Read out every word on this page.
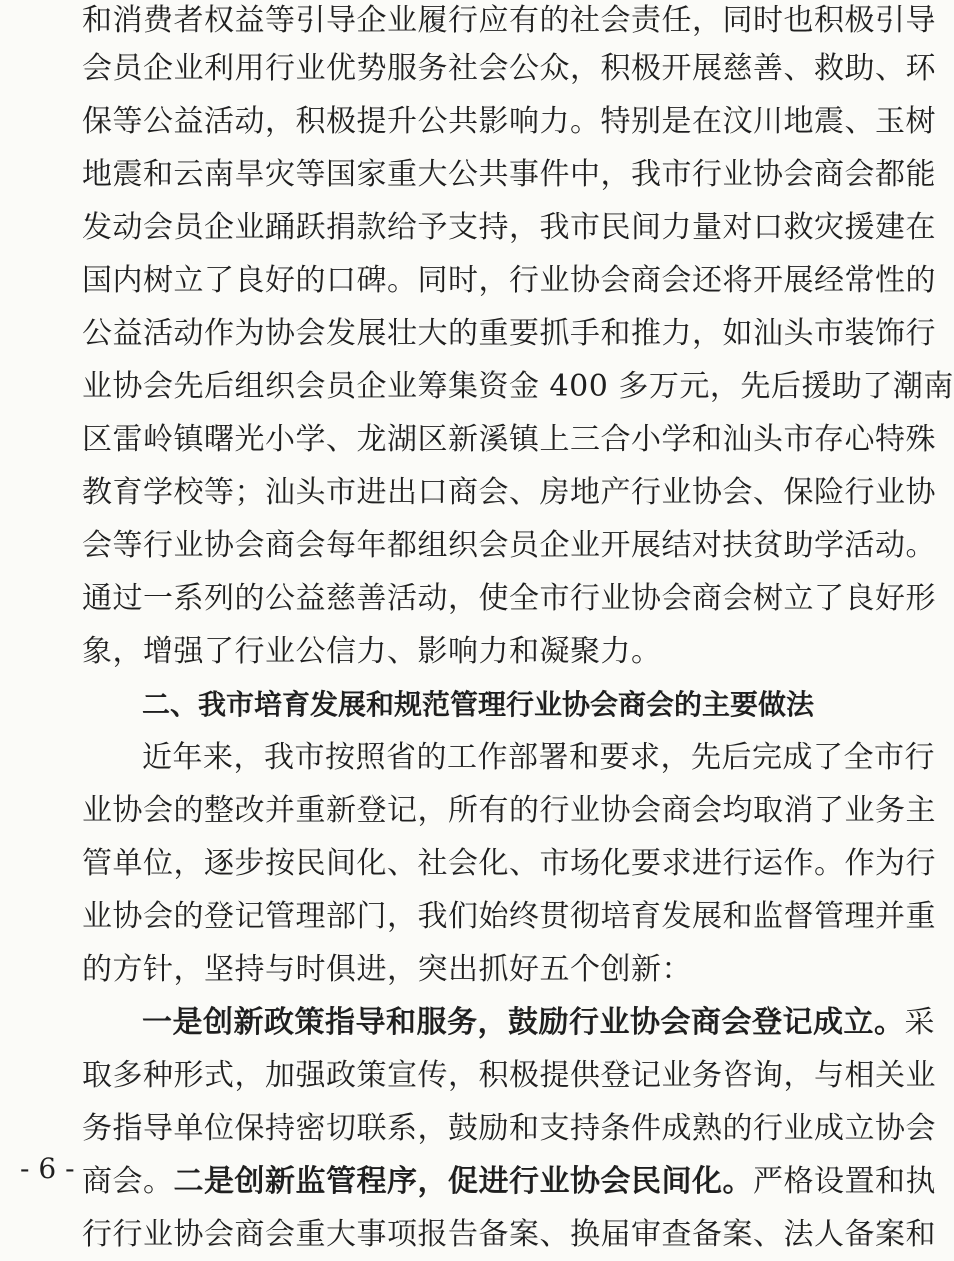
和消费者权益等引导企业履行应有的社会责任，同时也积极引导
会员企业利用行业优势服务社会公众，积极开展慈善、救助、环
保等公益活动，积极提升公共影响力。特别是在汶川地震、玉树
地震和云南旱灾等国家重大公共事件中，我市行业协会商会都能
发动会员企业踊跃捐款给予支持，我市民间力量对口救灾援建在
国内树立了良好的口碑。同时，行业协会商会还将开展经常性的
公益活动作为协会发展壮大的重要抓手和推力，如汕头市装饰行
业协会先后组织会员企业筹集资金 400 多万元，先后援助了潮南
区雷岭镇曙光小学、龙湖区新溪镇上三合小学和汕头市存心特殊
教育学校等；汕头市进出口商会、房地产行业协会、保险行业协
会等行业协会商会每年都组织会员企业开展结对扶贫助学活动。
通过一系列的公益慈善活动，使全市行业协会商会树立了良好形
象，增强了行业公信力、影响力和凝聚力。
二、我市培育发展和规范管理行业协会商会的主要做法
近年来，我市按照省的工作部署和要求，先后完成了全市行
业协会的整改并重新登记，所有的行业协会商会均取消了业务主
管单位，逐步按民间化、社会化、市场化要求进行运作。作为行
业协会的登记管理部门，我们始终贯彻培育发展和监督管理并重
的方针，坚持与时俱进，突出抓好五个创新：
一是创新政策指导和服务，鼓励行业协会商会登记成立。采
取多种形式，加强政策宣传，积极提供登记业务咨询，与相关业
务指导单位保持密切联系，鼓励和支持条件成熟的行业成立协会
商会。二是创新监管程序，促进行业协会民间化。严格设置和执
行行业协会商会重大事项报告备案、换届审查备案、法人备案和
- 6 -
